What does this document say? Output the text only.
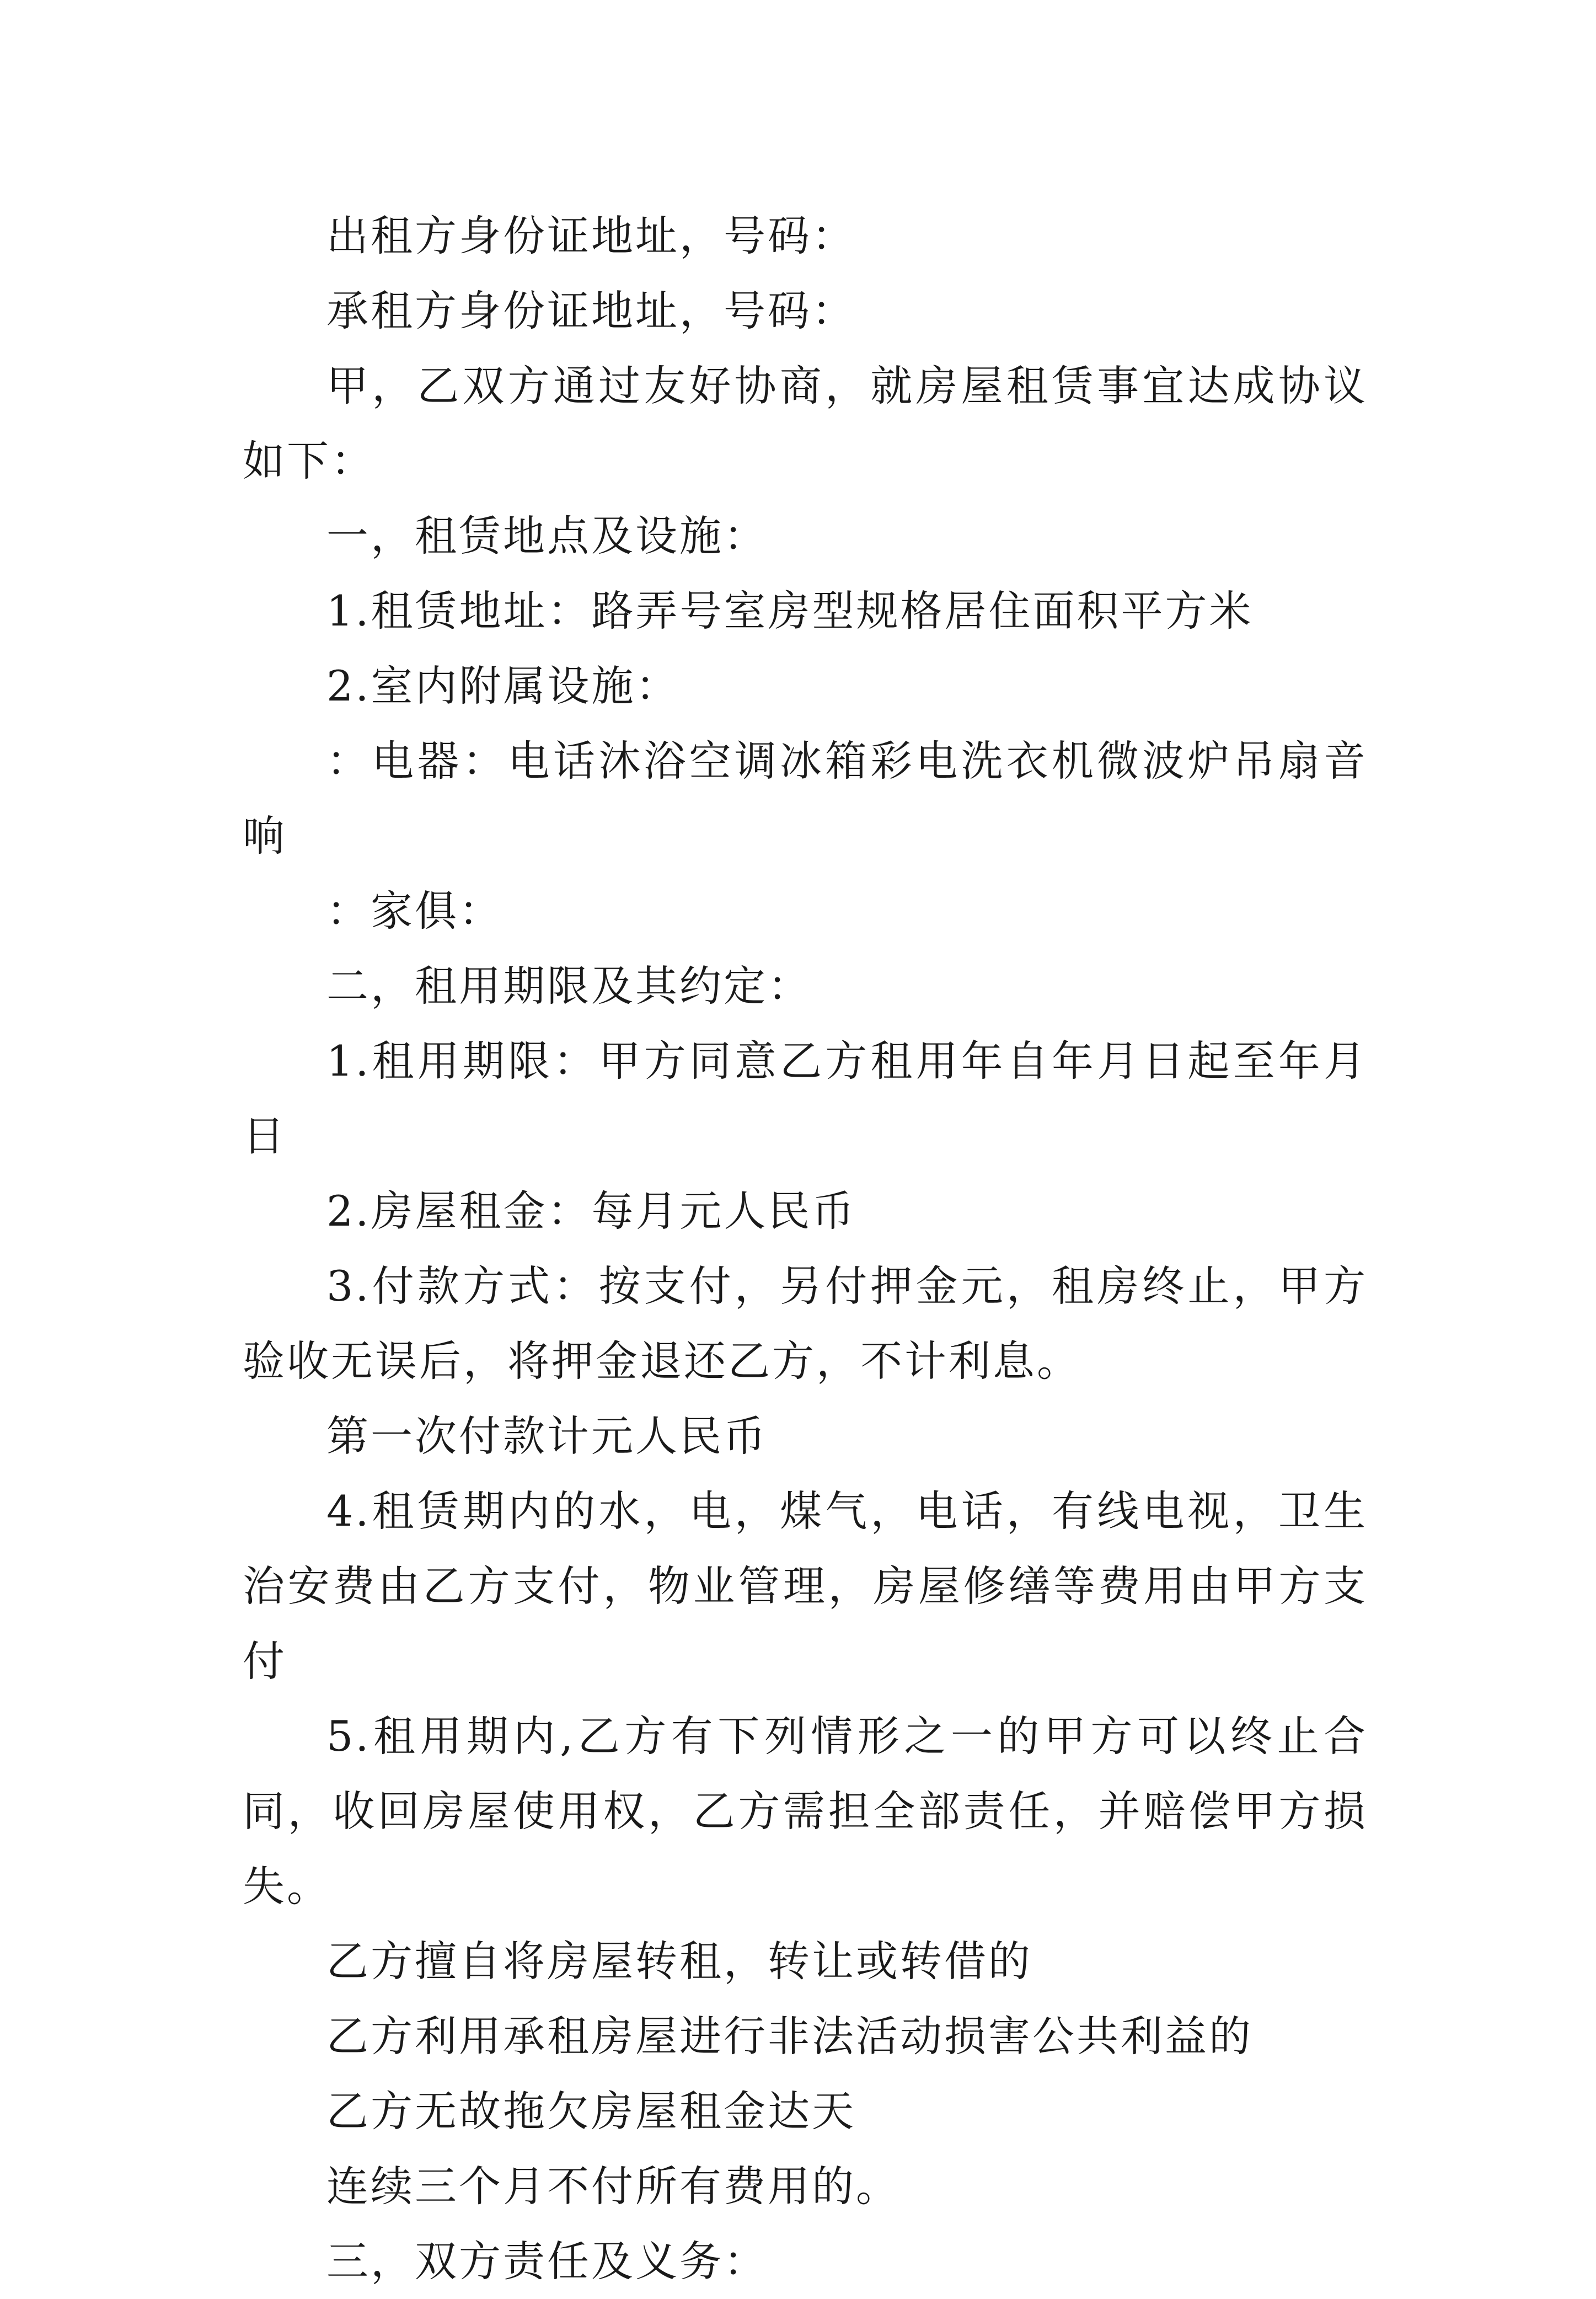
出租方身份证地址，号码：

承租方身份证地址，号码：

甲，乙双方通过友好协商，就房屋租赁事宜达成协议如下：

一，租赁地点及设施：

1.租赁地址：路弄号室房型规格居住面积平方米

2.室内附属设施：

：电器：电话沐浴空调冰箱彩电洗衣机微波炉吊扇音响

：家俱：

二，租用期限及其约定：

1.租用期限：甲方同意乙方租用年自年月日起至年月日

2.房屋租金：每月元人民币

3.付款方式：按支付，另付押金元，租房终止，甲方验收无误后，将押金退还乙方，不计利息。

第一次付款计元人民币

4.租赁期内的水，电，煤气，电话，有线电视，卫生治安费由乙方支付，物业管理，房屋修缮等费用由甲方支付

5.租用期内,乙方有下列情形之一的甲方可以终止合同，收回房屋使用权，乙方需担全部责任，并赔偿甲方损失。

乙方擅自将房屋转租，转让或转借的

乙方利用承租房屋进行非法活动损害公共利益的

乙方无故拖欠房屋租金达天

连续三个月不付所有费用的。

三，双方责任及义务：
